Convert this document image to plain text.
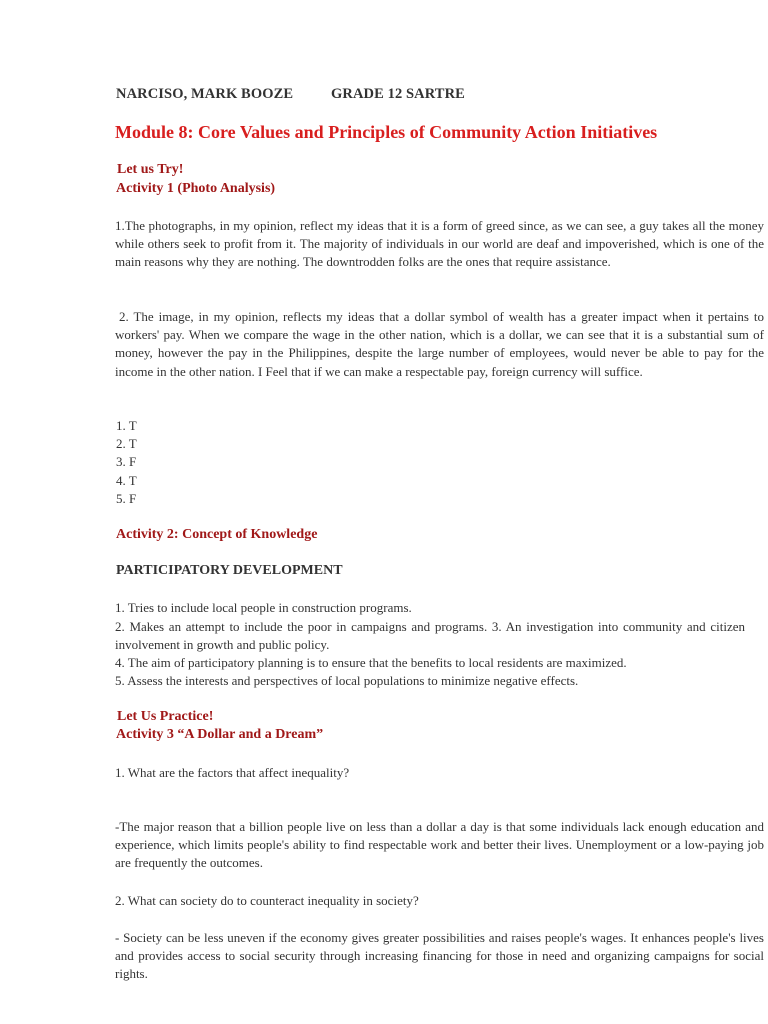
NARCISO, MARK BOOZE	GRADE 12 SARTRE
Module 8: Core Values and Principles of Community Action Initiatives
Let us Try!
Activity 1 (Photo Analysis)

1.The photographs, in my opinion, reflect my ideas that it is a form of greed since, as we can see, a guy takes all the money while others seek to profit from it. The majority of individuals in our world are deaf and impoverished, which is one of the main reasons why they are nothing. The downtrodden folks are the ones that require assistance.

2. The image, in my opinion, reflects my ideas that a dollar symbol of wealth has a greater impact when it pertains to workers' pay. When we compare the wage in the other nation, which is a dollar, we can see that it is a substantial sum of money, however the pay in the Philippines, despite the large number of employees, would never be able to pay for the income in the other nation. I Feel that if we can make a respectable pay, foreign currency will suffice.

1. T
2. T
3. F
4. T
5. F
Activity 2: Concept of Knowledge
PARTICIPATORY DEVELOPMENT

1. Tries to include local people in construction programs.

2. Makes an attempt to include the poor in campaigns and programs. 3. An investigation into community and citizen involvement in growth and public policy.

4. The aim of participatory planning is to ensure that the benefits to local residents are maximized.

5. Assess the interests and perspectives of local populations to minimize negative effects.

Let Us Practice!
Activity 3 “A Dollar and a Dream”

1. What are the factors that affect inequality?

-The major reason that a billion people live on less than a dollar a day is that some individuals lack enough education and experience, which limits people's ability to find respectable work and better their lives. Unemployment or a low-paying job are frequently the outcomes.

2. What can society do to counteract inequality in society?

- Society can be less uneven if the economy gives greater possibilities and raises people's wages. It enhances people's lives and provides access to social security through increasing financing for those in need and organizing campaigns for social rights.
